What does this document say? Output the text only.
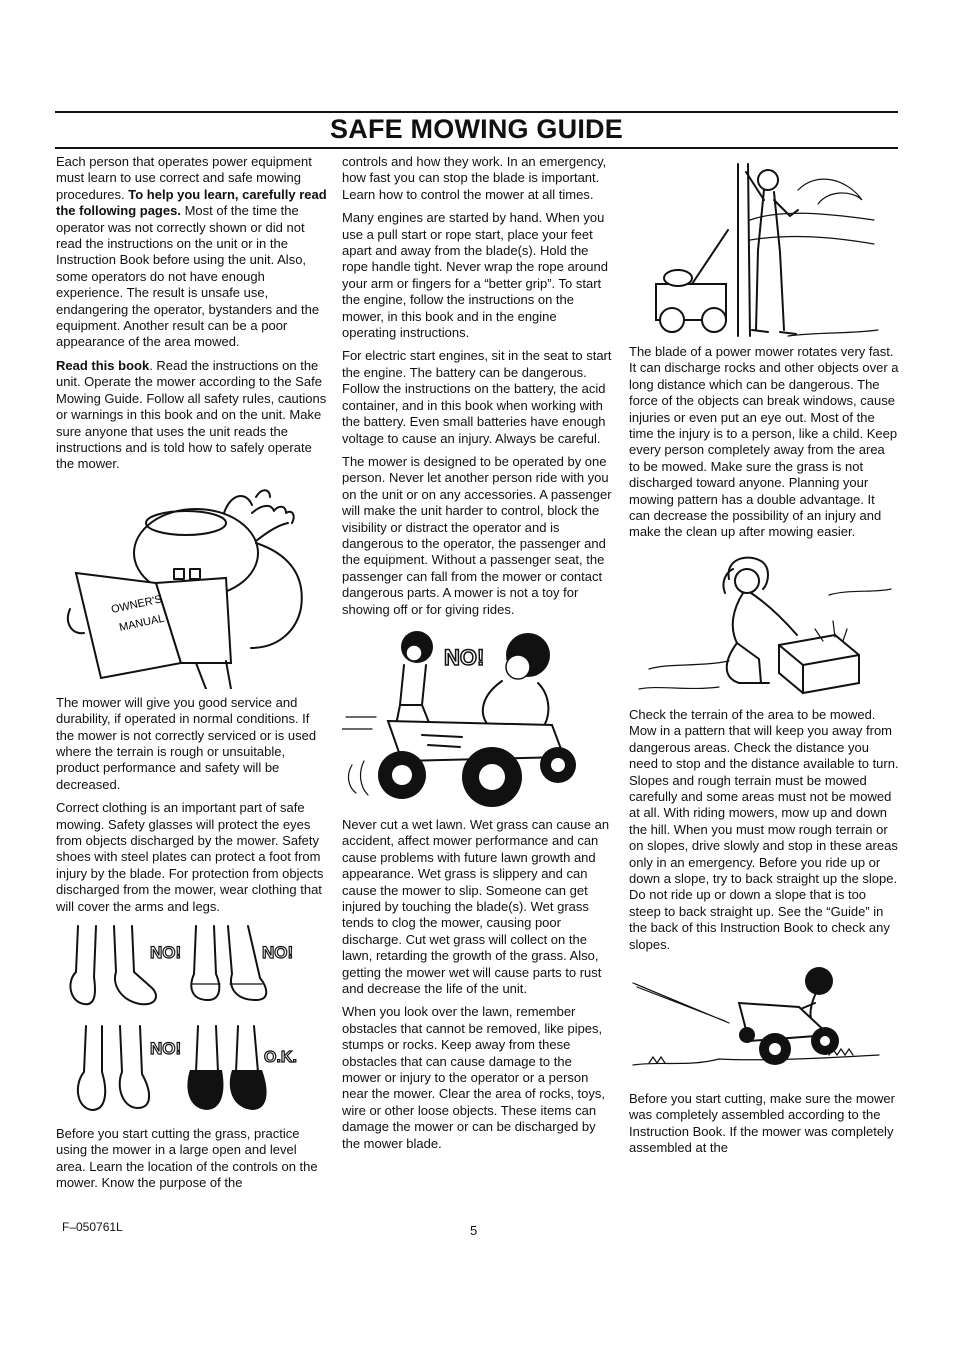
SAFE MOWING GUIDE

Each person that operates power equipment must learn to use correct and safe mowing procedures. To help you learn, carefully read the following pages. Most of the time the operator was not correctly shown or did not read the instructions on the unit or in the Instruction Book before using the unit. Also, some operators do not have enough experience. The result is unsafe use, endangering the operator, bystanders and the equipment. Another result can be a poor appearance of the area mowed.

Read this book. Read the instructions on the unit. Operate the mower according to the Safe Mowing Guide. Follow all safety rules, cautions or warnings in this book and on the unit. Make sure anyone that uses the unit reads the instructions and is told how to safely operate the mower.

OWNER'S
MANUAL

The mower will give you good service and durability, if operated in normal conditions. If the mower is not correctly serviced or is used where the terrain is rough or unsuitable, product performance and safety will be decreased.

Correct clothing is an important part of safe mowing. Safety glasses will protect the eyes from objects discharged by the mower. Safety shoes with steel plates can protect a foot from injury by the blade. For protection from objects discharged from the mower, wear clothing that will cover the arms and legs.

NO!	NO!
NO!	O.K.

Before you start cutting the grass, practice using the mower in a large open and level area. Learn the location of the controls on the mower. Know the purpose of the

controls and how they work. In an emergency, how fast you can stop the blade is important. Learn how to control the mower at all times.

Many engines are started by hand. When you use a pull start or rope start, place your feet apart and away from the blade(s). Hold the rope handle tight. Never wrap the rope around your arm or fingers for a “better grip”. To start the engine, follow the instructions on the mower, in this book and in the engine operating instructions.

For electric start engines, sit in the seat to start the engine. The battery can be dangerous. Follow the instructions on the battery, the acid container, and in this book when working with the battery. Even small batteries have enough voltage to cause an injury. Always be careful.

The mower is designed to be operated by one person. Never let another person ride with you on the unit or on any accessories. A passenger will make the unit harder to control, block the visibility or distract the operator and is dangerous to the operator, the passenger and the equipment. Without a passenger seat, the passenger can fall from the mower or contact dangerous parts. A mower is not a toy for showing off or for giving rides.

NO!

Never cut a wet lawn. Wet grass can cause an accident, affect mower performance and can cause problems with future lawn growth and appearance. Wet grass is slippery and can cause the mower to slip. Someone can get injured by touching the blade(s). Wet grass tends to clog the mower, causing poor discharge. Cut wet grass will collect on the lawn, retarding the growth of the grass. Also, getting the mower wet will cause parts to rust and decrease the life of the unit.

When you look over the lawn, remember obstacles that cannot be removed, like pipes, stumps or rocks. Keep away from these obstacles that can cause damage to the mower or injury to the operator or a person near the mower. Clear the area of rocks, toys, wire or other loose objects. These items can damage the mower or can be discharged by the mower blade.

The blade of a power mower rotates very fast. It can discharge rocks and other objects over a long distance which can be dangerous. The force of the objects can break windows, cause injuries or even put an eye out. Most of the time the injury is to a person, like a child. Keep every person completely away from the area to be mowed. Make sure the grass is not discharged toward anyone. Planning your mowing pattern has a double advantage. It can decrease the possibility of an injury and make the clean up after mowing easier.

Check the terrain of the area to be mowed. Mow in a pattern that will keep you away from dangerous areas. Check the distance you need to stop and the distance available to turn. Slopes and rough terrain must be mowed carefully and some areas must not be mowed at all. With riding mowers, mow up and down the hill. When you must mow rough terrain or on slopes, drive slowly and stop in these areas only in an emergency. Before you ride up or down a slope, try to back straight up the slope. Do not ride up or down a slope that is too steep to back straight up. See the “Guide” in the back of this Instruction Book to check any slopes.

Before you start cutting, make sure the mower was completely assembled according to the Instruction Book. If the mower was completely assembled at the

F–050761L	5
